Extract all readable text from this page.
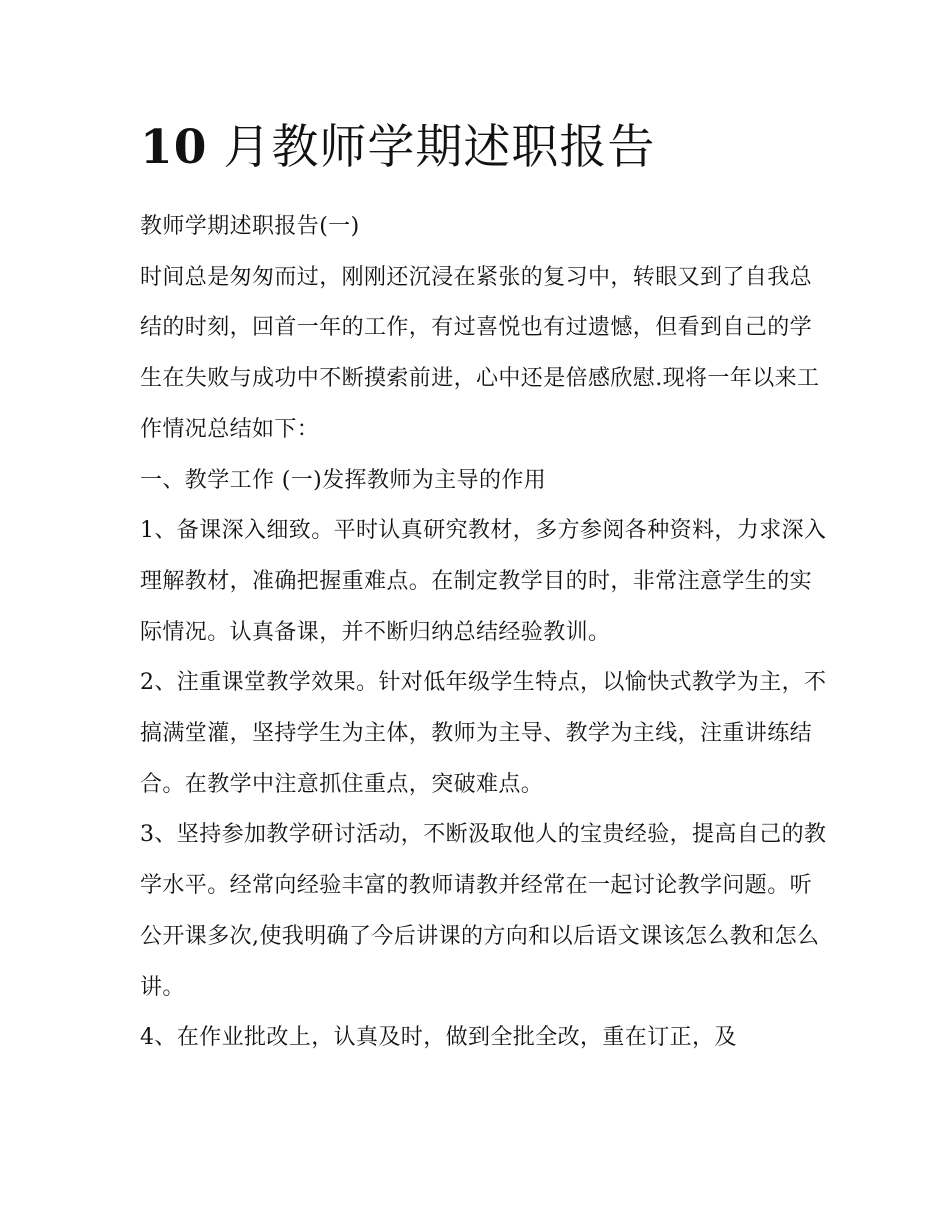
10 月教师学期述职报告

教师学期述职报告(一)

时间总是匆匆而过，刚刚还沉浸在紧张的复习中，转眼又到了自我总结的时刻，回首一年的工作，有过喜悦也有过遗憾，但看到自己的学生在失败与成功中不断摸索前进，心中还是倍感欣慰.现将一年以来工作情况总结如下：

一、教学工作 (一)发挥教师为主导的作用

1、备课深入细致。平时认真研究教材，多方参阅各种资料，力求深入理解教材，准确把握重难点。在制定教学目的时，非常注意学生的实际情况。认真备课，并不断归纳总结经验教训。

2、注重课堂教学效果。针对低年级学生特点，以愉快式教学为主，不搞满堂灌，坚持学生为主体，教师为主导、教学为主线，注重讲练结合。在教学中注意抓住重点，突破难点。

3、坚持参加教学研讨活动，不断汲取他人的宝贵经验，提高自己的教学水平。经常向经验丰富的教师请教并经常在一起讨论教学问题。听公开课多次,使我明确了今后讲课的方向和以后语文课该怎么教和怎么讲。

4、在作业批改上，认真及时，做到全批全改，重在订正，及
